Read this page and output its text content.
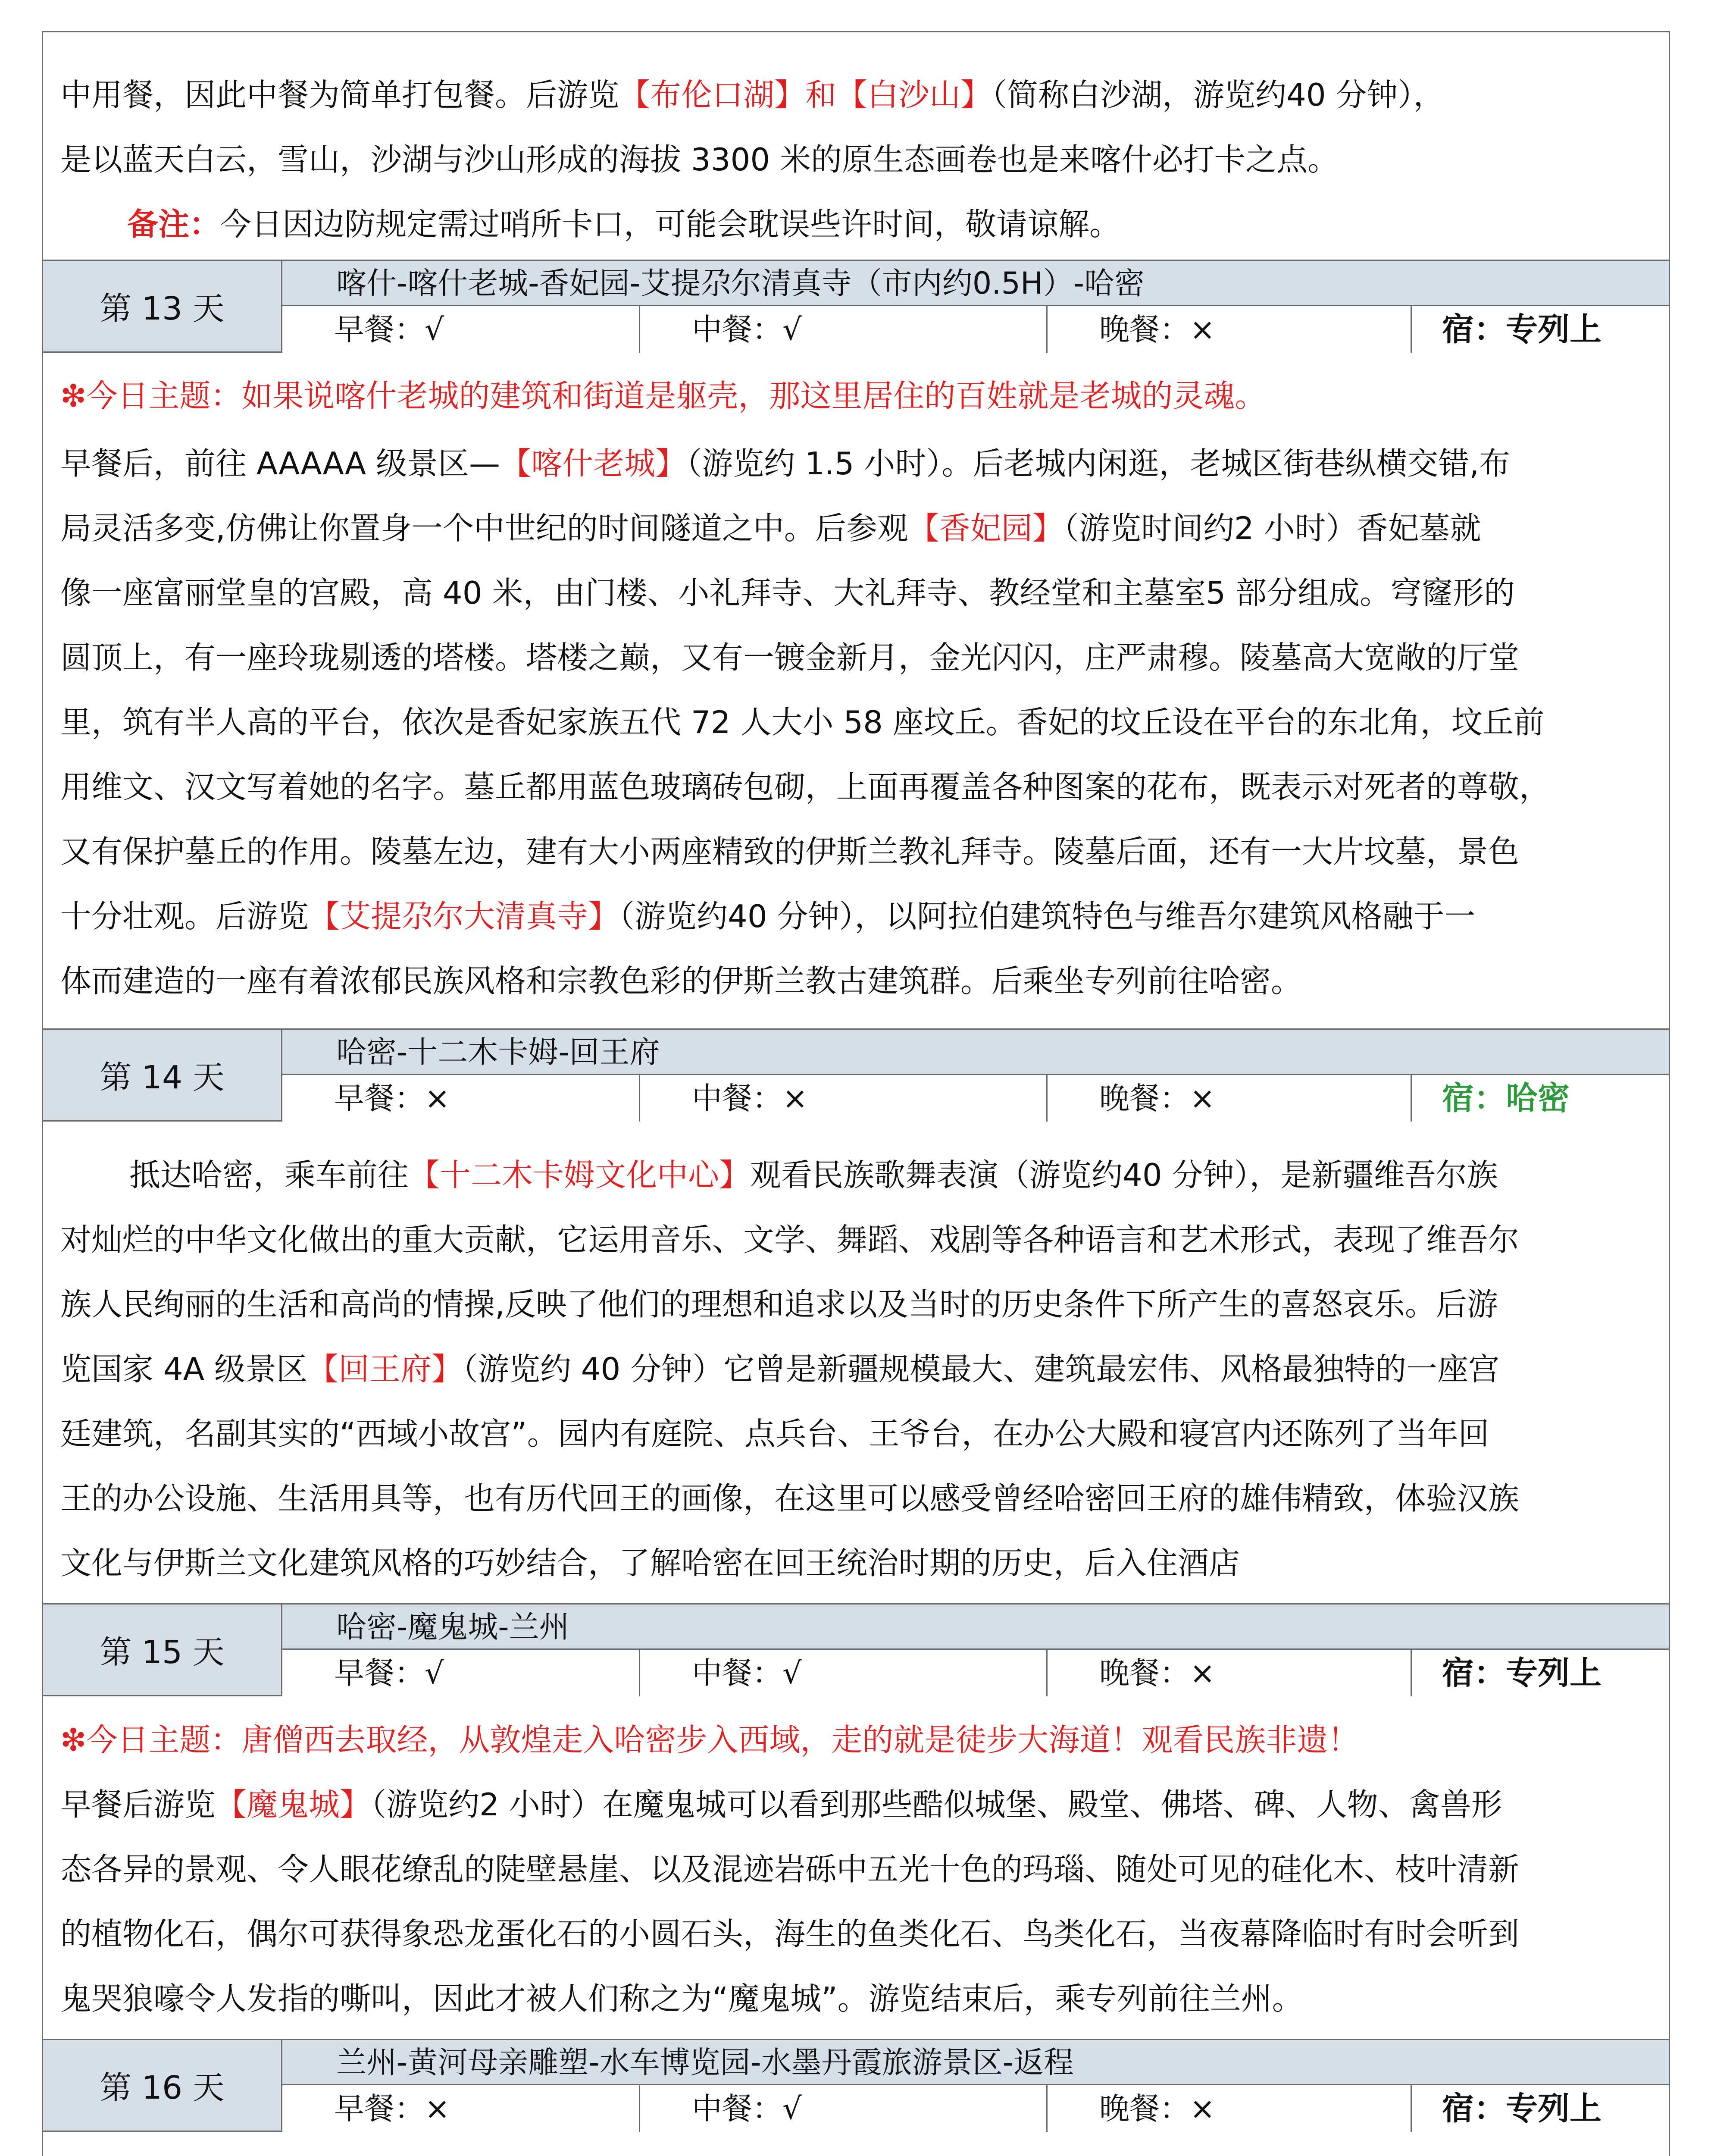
中用餐，因此中餐为简单打包餐。后游览【布伦口湖】和【白沙山】（简称白沙湖，游览约40 分钟），
是以蓝天白云，雪山，沙湖与沙山形成的海拔 3300 米的原生态画卷也是来喀什必打卡之点。
备注：今日因边防规定需过哨所卡口，可能会耽误些许时间，敬请谅解。
第 13 天
喀什-喀什老城-香妃园-艾提尕尔清真寺（市内约0.5H）-哈密
早餐：√	中餐：√	晚餐：×	宿：专列上
❇今日主题：如果说喀什老城的建筑和街道是躯壳，那这里居住的百姓就是老城的灵魂。
早餐后，前往 AAAAA 级景区—【喀什老城】（游览约 1.5 小时）。后老城内闲逛，老城区街巷纵横交错,布
局灵活多变,仿佛让你置身一个中世纪的时间隧道之中。后参观【香妃园】（游览时间约2 小时）香妃墓就
像一座富丽堂皇的宫殿，高 40 米，由门楼、小礼拜寺、大礼拜寺、教经堂和主墓室5 部分组成。穹窿形的
圆顶上，有一座玲珑剔透的塔楼。塔楼之巅，又有一镀金新月，金光闪闪，庄严肃穆。陵墓高大宽敞的厅堂
里，筑有半人高的平台，依次是香妃家族五代 72 人大小 58 座坟丘。香妃的坟丘设在平台的东北角，坟丘前
用维文、汉文写着她的名字。墓丘都用蓝色玻璃砖包砌，上面再覆盖各种图案的花布，既表示对死者的尊敬，
又有保护墓丘的作用。陵墓左边，建有大小两座精致的伊斯兰教礼拜寺。陵墓后面，还有一大片坟墓，景色
十分壮观。后游览【艾提尕尔大清真寺】（游览约40 分钟），以阿拉伯建筑特色与维吾尔建筑风格融于一
体而建造的一座有着浓郁民族风格和宗教色彩的伊斯兰教古建筑群。后乘坐专列前往哈密。
第 14 天
哈密-十二木卡姆-回王府
早餐：×	中餐：×	晚餐：×	宿：哈密
抵达哈密，乘车前往【十二木卡姆文化中心】观看民族歌舞表演（游览约40 分钟），是新疆维吾尔族
对灿烂的中华文化做出的重大贡献，它运用音乐、文学、舞蹈、戏剧等各种语言和艺术形式，表现了维吾尔
族人民绚丽的生活和高尚的情操,反映了他们的理想和追求以及当时的历史条件下所产生的喜怒哀乐。后游
览国家 4A 级景区【回王府】（游览约 40 分钟）它曾是新疆规模最大、建筑最宏伟、风格最独特的一座宫
廷建筑，名副其实的“西域小故宫”。园内有庭院、点兵台、王爷台，在办公大殿和寝宫内还陈列了当年回
王的办公设施、生活用具等，也有历代回王的画像，在这里可以感受曾经哈密回王府的雄伟精致，体验汉族
文化与伊斯兰文化建筑风格的巧妙结合，了解哈密在回王统治时期的历史，后入住酒店
第 15 天
哈密-魔鬼城-兰州
早餐：√	中餐：√	晚餐：×	宿：专列上
❇今日主题：唐僧西去取经，从敦煌走入哈密步入西域，走的就是徒步大海道！观看民族非遗！
早餐后游览【魔鬼城】（游览约2 小时）在魔鬼城可以看到那些酷似城堡、殿堂、佛塔、碑、人物、禽兽形
态各异的景观、令人眼花缭乱的陡壁悬崖、以及混迹岩砾中五光十色的玛瑙、随处可见的硅化木、枝叶清新
的植物化石，偶尔可获得象恐龙蛋化石的小圆石头，海生的鱼类化石、鸟类化石，当夜幕降临时有时会听到
鬼哭狼嚎令人发指的嘶叫，因此才被人们称之为“魔鬼城”。游览结束后，乘专列前往兰州。
第 16 天
兰州-黄河母亲雕塑-水车博览园-水墨丹霞旅游景区-返程
早餐：×	中餐：√	晚餐：×	宿：专列上
